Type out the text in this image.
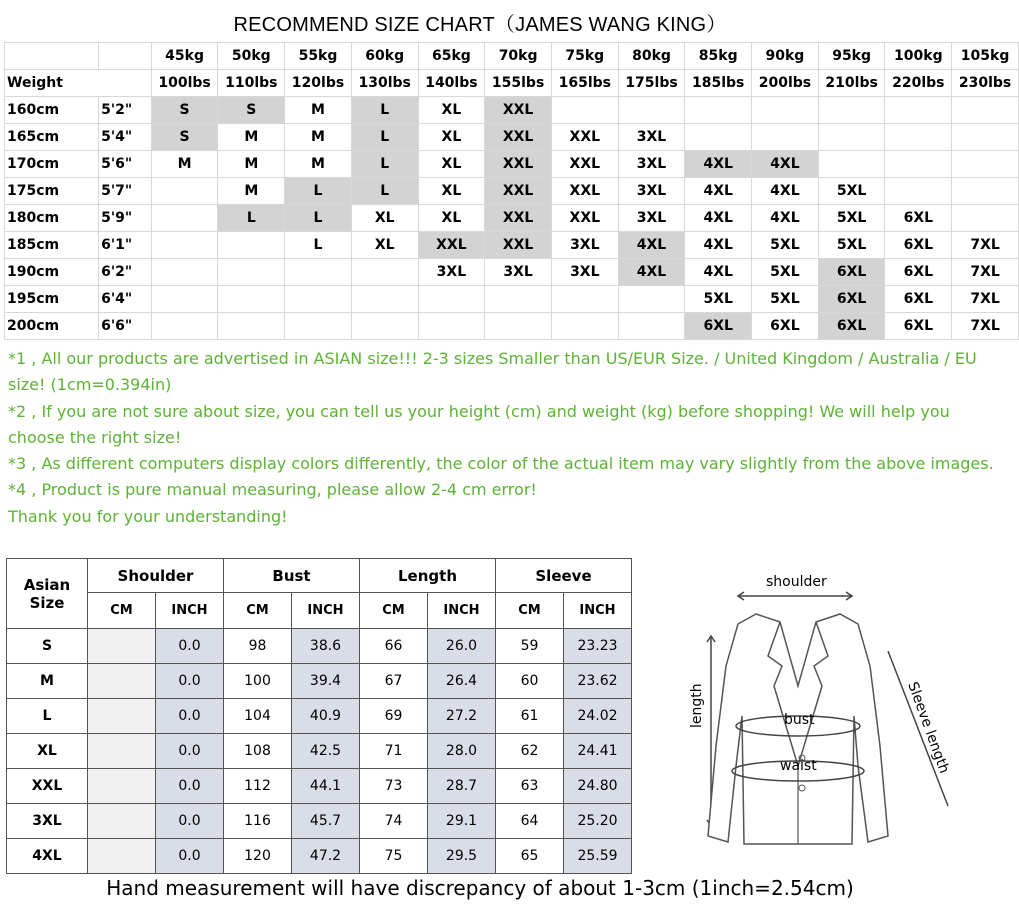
RECOMMEND SIZE CHART（JAMES WANG KING）
		45kg	50kg	55kg	60kg	65kg	70kg	75kg	80kg	85kg	90kg	95kg	100kg	105kg
Weight		100lbs	110lbs	120lbs	130lbs	140lbs	155lbs	165lbs	175lbs	185lbs	200lbs	210lbs	220lbs	230lbs
160cm	5'2"	S	S	M	L	XL	XXL							
165cm	5'4"	S	M	M	L	XL	XXL	XXL	3XL					
170cm	5'6"	M	M	M	L	XL	XXL	XXL	3XL	4XL	4XL			
175cm	5'7"		M	L	L	XL	XXL	XXL	3XL	4XL	4XL	5XL		
180cm	5'9"		L	L	XL	XL	XXL	XXL	3XL	4XL	4XL	5XL	6XL	
185cm	6'1"			L	XL	XXL	XXL	3XL	4XL	4XL	5XL	5XL	6XL	7XL
190cm	6'2"					3XL	3XL	3XL	4XL	4XL	5XL	6XL	6XL	7XL
195cm	6'4"									5XL	5XL	6XL	6XL	7XL
200cm	6'6"									6XL	6XL	6XL	6XL	7XL
*1 , All our products are advertised in ASIAN size!!! 2-3 sizes Smaller than US/EUR Size. / United Kingdom / Australia / EU size! (1cm=0.394in)
*2 , If you are not sure about size, you can tell us your height (cm) and weight (kg) before shopping! We will help you choose the right size!
*3 , As different computers display colors differently, the color of the actual item may vary slightly from the above images.
*4 , Product is pure manual measuring, please allow 2-4 cm error!
Thank you for your understanding!
Asian
Size	Shoulder		Bust		Length		Sleeve	
	CM	INCH	CM	INCH	CM	INCH	CM	INCH
S		0.0	98	38.6	66	26.0	59	23.23
M		0.0	100	39.4	67	26.4	60	23.62
L		0.0	104	40.9	69	27.2	61	24.02
XL		0.0	108	42.5	71	28.0	62	24.41
XXL		0.0	112	44.1	73	28.7	63	24.80
3XL		0.0	116	45.7	74	29.1	64	25.20
4XL		0.0	120	47.2	75	29.5	65	25.59
shoulder
length	Sleeve length
bust
waist
Hand measurement will have discrepancy of about 1-3cm (1inch=2.54cm)
